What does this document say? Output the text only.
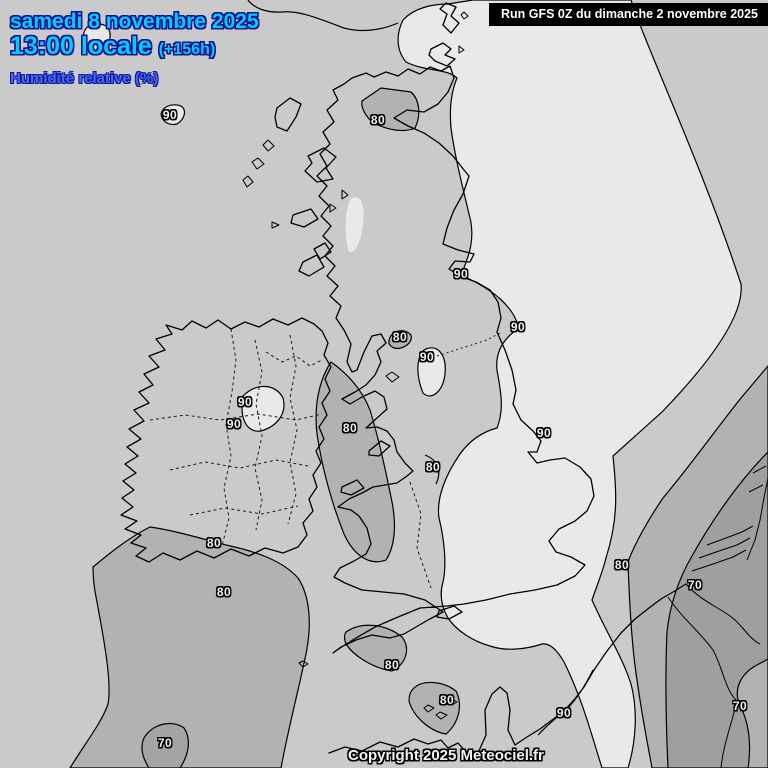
samedi 8 novembre 2025
13:00 locale (+156h)
Humidité relative (%)
Run GFS 0Z du dimanche 2 novembre 2025
Copyright 2025 Meteociel.fr
90	80
90
90
80
90
90
90	80
80
90
80
80
80	70
80
80
90	70
70
